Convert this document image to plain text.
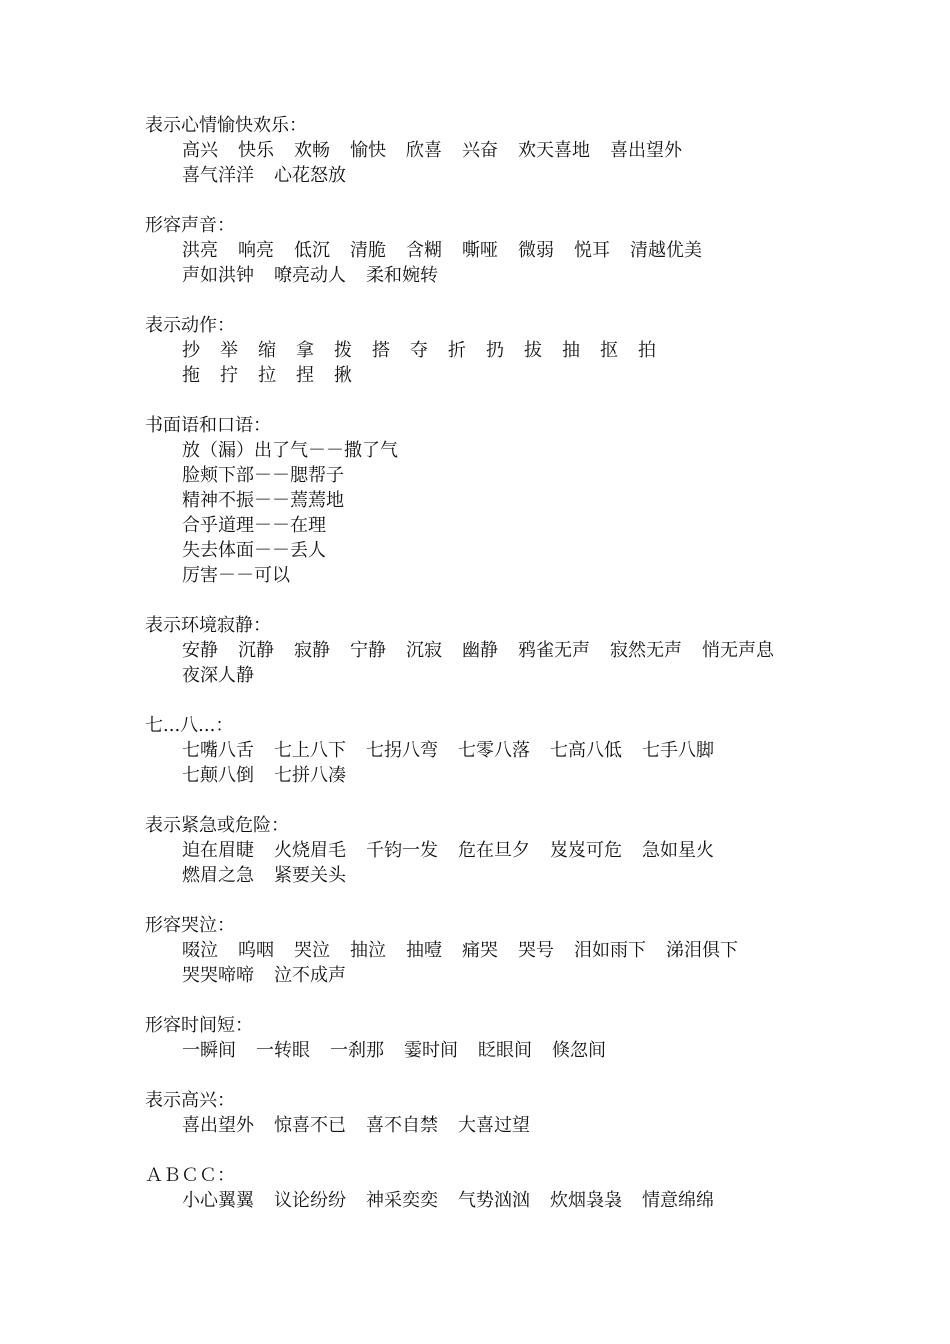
表示心情愉快欢乐：
高兴 快乐 欢畅 愉快 欣喜 兴奋 欢天喜地 喜出望外
喜气洋洋 心花怒放
形容声音：
洪亮 响亮 低沉 清脆 含糊 嘶哑 微弱 悦耳 清越优美
声如洪钟 嘹亮动人 柔和婉转
表示动作：
抄 举 缩 拿 拨 搭 夺 折 扔 拔 抽 抠 拍
拖 拧 拉 捏 揪
书面语和口语：
放（漏）出了气－－撒了气
脸颊下部－－腮帮子
精神不振－－蔫蔫地
合乎道理－－在理
失去体面－－丢人
厉害－－可以
表示环境寂静：
安静 沉静 寂静 宁静 沉寂 幽静 鸦雀无声 寂然无声 悄无声息
夜深人静
七...八...：
七嘴八舌 七上八下 七拐八弯 七零八落 七高八低 七手八脚
七颠八倒 七拼八凑
表示紧急或危险：
迫在眉睫 火烧眉毛 千钧一发 危在旦夕 岌岌可危 急如星火
燃眉之急 紧要关头
形容哭泣：
啜泣 呜咽 哭泣 抽泣 抽噎 痛哭 哭号 泪如雨下 涕泪俱下
哭哭啼啼 泣不成声
形容时间短：
一瞬间 一转眼 一刹那 霎时间 眨眼间 倏忽间
表示高兴：
喜出望外 惊喜不已 喜不自禁 大喜过望
ＡＢＣＣ：
小心翼翼 议论纷纷 神采奕奕 气势汹汹 炊烟袅袅 情意绵绵
